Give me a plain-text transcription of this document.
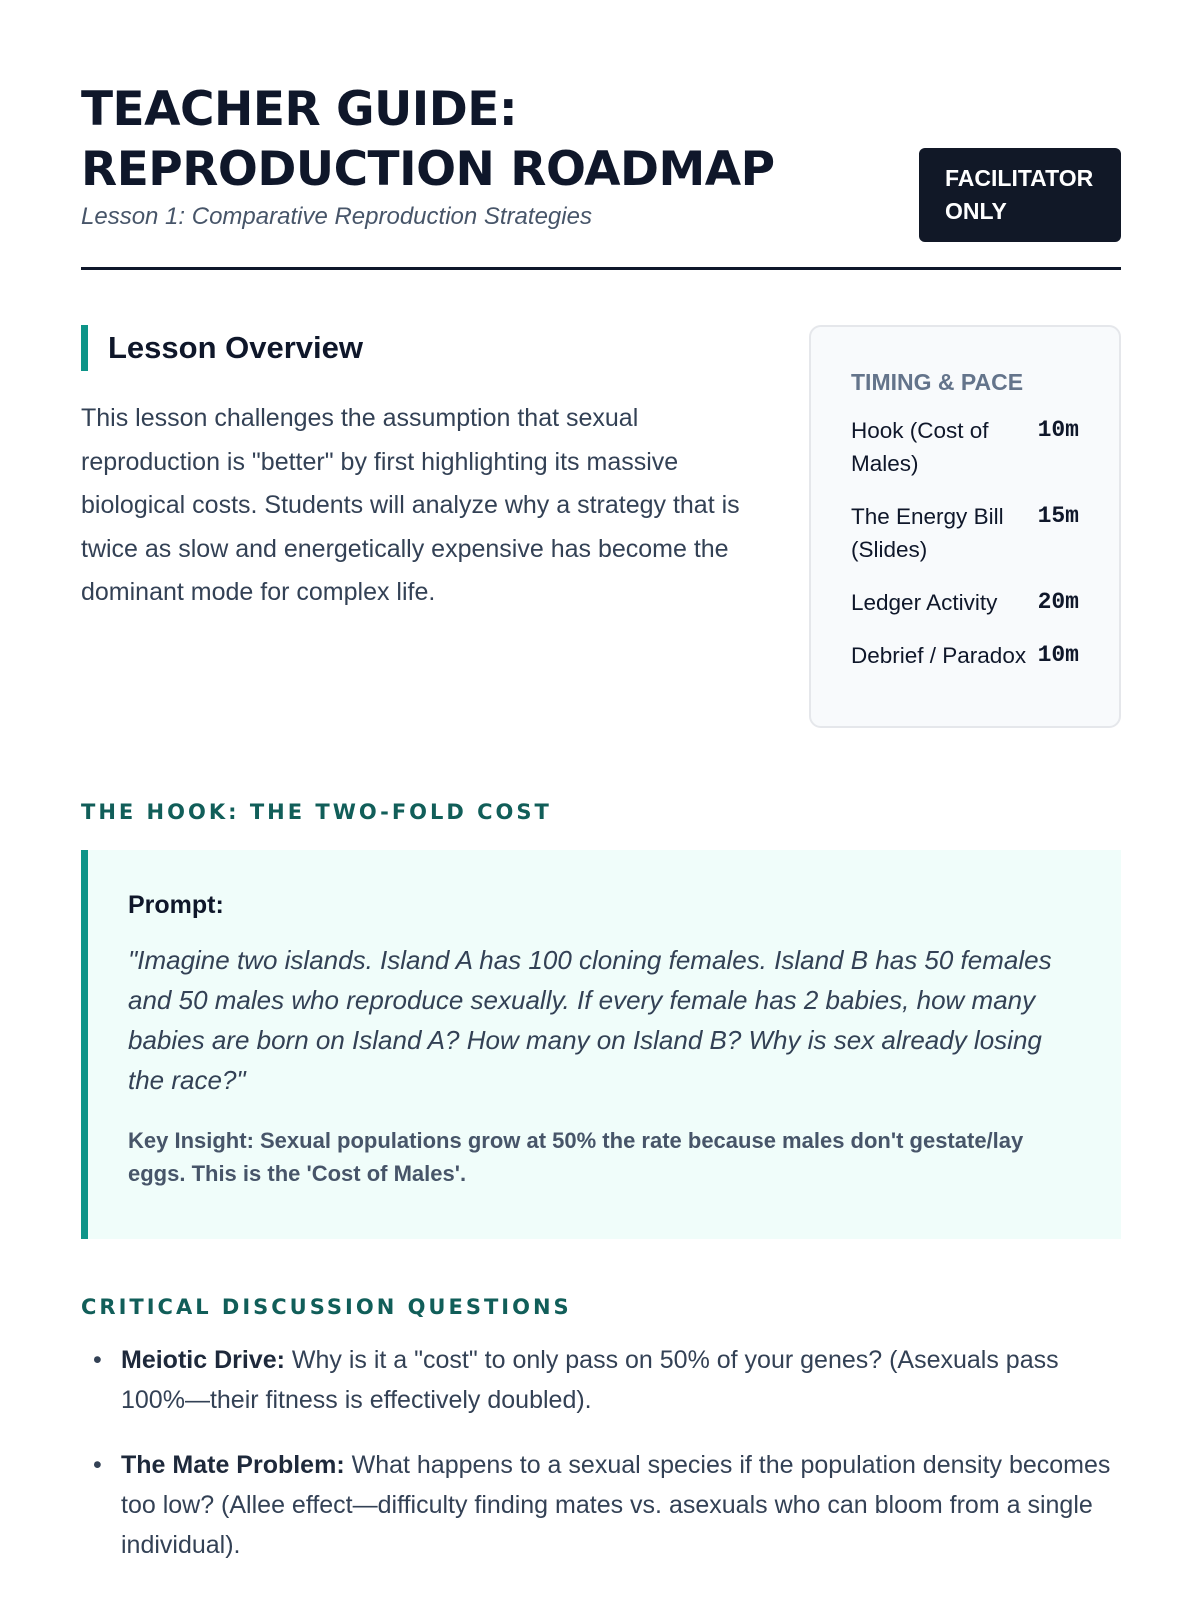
TEACHER GUIDE:
REPRODUCTION ROADMAP
Lesson 1: Comparative Reproduction Strategies
FACILITATOR
ONLY
Lesson Overview

This lesson challenges the assumption that sexual reproduction is "better" by first highlighting its massive biological costs. Students will analyze why a strategy that is twice as slow and energetically expensive has become the dominant mode for complex life.

TIMING & PACE
Hook (Cost of Males)
10m
The Energy Bill (Slides)
15m
Ledger Activity	20m
Debrief / Paradox 10m
THE HOOK: THE TWO-FOLD COST
Prompt:

"Imagine two islands. Island A has 100 cloning females. Island B has 50 females and 50 males who reproduce sexually. If every female has 2 babies, how many babies are born on Island A? How many on Island B? Why is sex already losing the race?"

Key Insight: Sexual populations grow at 50% the rate because males don't gestate/lay eggs. This is the 'Cost of Males'.

CRITICAL DISCUSSION QUESTIONS
• Meiotic Drive: Why is it a "cost" to only pass on 50% of your genes? (Asexuals pass 100%—their fitness is effectively doubled).
• The Mate Problem: What happens to a sexual species if the population density becomes too low? (Allee effect—difficulty finding mates vs. asexuals who can bloom from a single individual).
